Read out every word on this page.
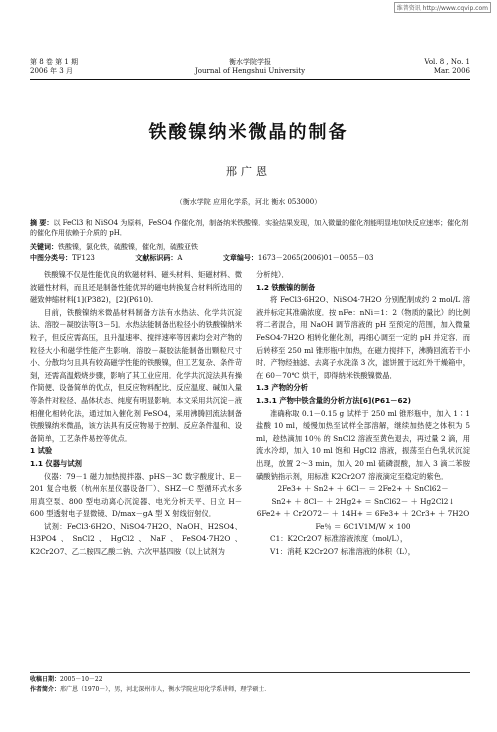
维普资讯 http://www.cqvip.com
第 8 卷 第 1 期
2006 年 3 月
衡水学院学报
Journal of Hengshui University
Vol. 8 , No. 1
Mar. 2006
铁酸镍纳米微晶的制备
邢广恩
（衡水学院 应用化学系，河北 衡水 053000）
摘 要：以 FeCl3 和 NiSO4 为原料，FeSO4 作催化剂，制备纳米铁酸镍．实验结果发现，加入微量的催化剂能明显地加快反应速率；催化剂的催化作用依赖于介质的 pH．
关键词：铁酸镍，氯化铁，硫酸镍，催化剂，硫酸亚铁
中图分类号：TF123	文献标识码：A	文章编号：1673－2065(2006)01－0055－03

铁酸镍不仅是性能优良的软磁材料、磁头材料、矩磁材料、微波磁性材料，而且还是制备性能优异的磁电转换复合材料所选用的磁致伸缩材料[1](P382)，[2](P610).

目前，铁酸镍纳米微晶材料制备方法有水热法、化学共沉淀法、溶胶－凝胶法等[3－5]．水热法能制备出粒径小的铁酸镍纳米粒子，但反应需高压，且升温速率、搅拌速率等因素均会对产物的粒径大小和磁学性能产生影响．溶胶－凝胶法能制备出颗粒尺寸小、分散均匀且具有较高磁学性能的铁酸镍，但工艺复杂、条件苛刻，还需高温煅烧步骤，影响了其工业应用．化学共沉淀法具有操作简便、设备简单的优点，但反应物料配比、反应温度、碱加入量等条件对粒径、晶体状态、纯度有明显影响．本文采用共沉淀－液相催化相转化法，通过加入催化剂 FeSO4，采用沸腾回流法制备铁酸镍纳米微晶，该方法具有反应物易于控制、反应条件温和、设备简单，工艺条件易控等优点．

1 试验

1.1 仪器与试剂

仪器：79－1 磁力加热搅拌器、pHS－3C 数字酸度计、E－201 复合电极（杭州东星仪器设备厂）、SHZ－C 型循环式水多用真空泵、800 型电动离心沉淀器、电光分析天平、日立 H－600 型透射电子显微镜、D/max－gA 型 X 射线衍射仪．

试剂：FeCl3·6H2O、NiSO4·7H2O、NaOH、H2SO4、H3PO4、SnCl2、HgCl2、NaF、FeSO4·7H2O、K2Cr2O7、乙二胺四乙酸二钠、六次甲基四胺（以上试剂为

分析纯）．

1.2 铁酸镍的制备

将 FeCl3·6H2O、NiSO4·7H2O 分别配制成约 2 mol/L 溶液并标定其准确浓度．按 nFe：nNi＝1：2（物质的量比）的比例将二者混合，用 NaOH 调节溶液的 pH 至预定的范围，加入微量 FeSO4·7H2O 相转化催化剂，再细心调至一定的 pH 并定容．而后转移至 250 ml 锥形瓶中加热，在磁力搅拌下，沸腾回流若干小时．产物经抽滤、去离子水洗涤 3 次，滤饼置于远红外干燥箱中，在 60－70℃ 烘干，即得纳米铁酸镍微晶．

1.3 产物的分析

1.3.1 产物中铁含量的分析方法[6](P61－62)

准确称取 0.1－0.15 g 试样于 250 ml 锥形瓶中，加入 1∶1 盐酸 10 ml，缓慢加热至试样全部溶解，继续加热使之体积为 5 ml，趁热滴加 10％ 的 SnCl2 溶液至黄色退去，再过量 2 滴，用流水冷却，加入 10 ml 饱和 HgCl2 溶液，振荡至白色乳状沉淀出现，放置 2～3 min，加入 20 ml 硫磷混酸，加入 3 滴二苯胺磺酸钠指示剂，用标准 K2Cr2O7 溶液滴定至稳定的紫色．

2Fe3+ ＋ Sn2+ ＋ 6Cl－ ＝ 2Fe2+ ＋ SnCl62－

Sn2+ ＋ 8Cl－ ＋ 2Hg2+ ＝ SnCl62－ ＋ Hg2Cl2↓

6Fe2+ ＋ Cr2O72－ ＋ 14H+ ＝ 6Fe3+ ＋ 2Cr3+ ＋ 7H2O

Fe％ ＝ 6C1V1M/W × 100

C1：K2Cr2O7 标准溶液浓度（mol/L），

V1：消耗 K2Cr2O7 标准溶液的体积（L），

收稿日期：2005－10－22
作者简介：邢广恩（1970－），男，河北深州市人，衡水学院应用化学系讲师，理学硕士．
